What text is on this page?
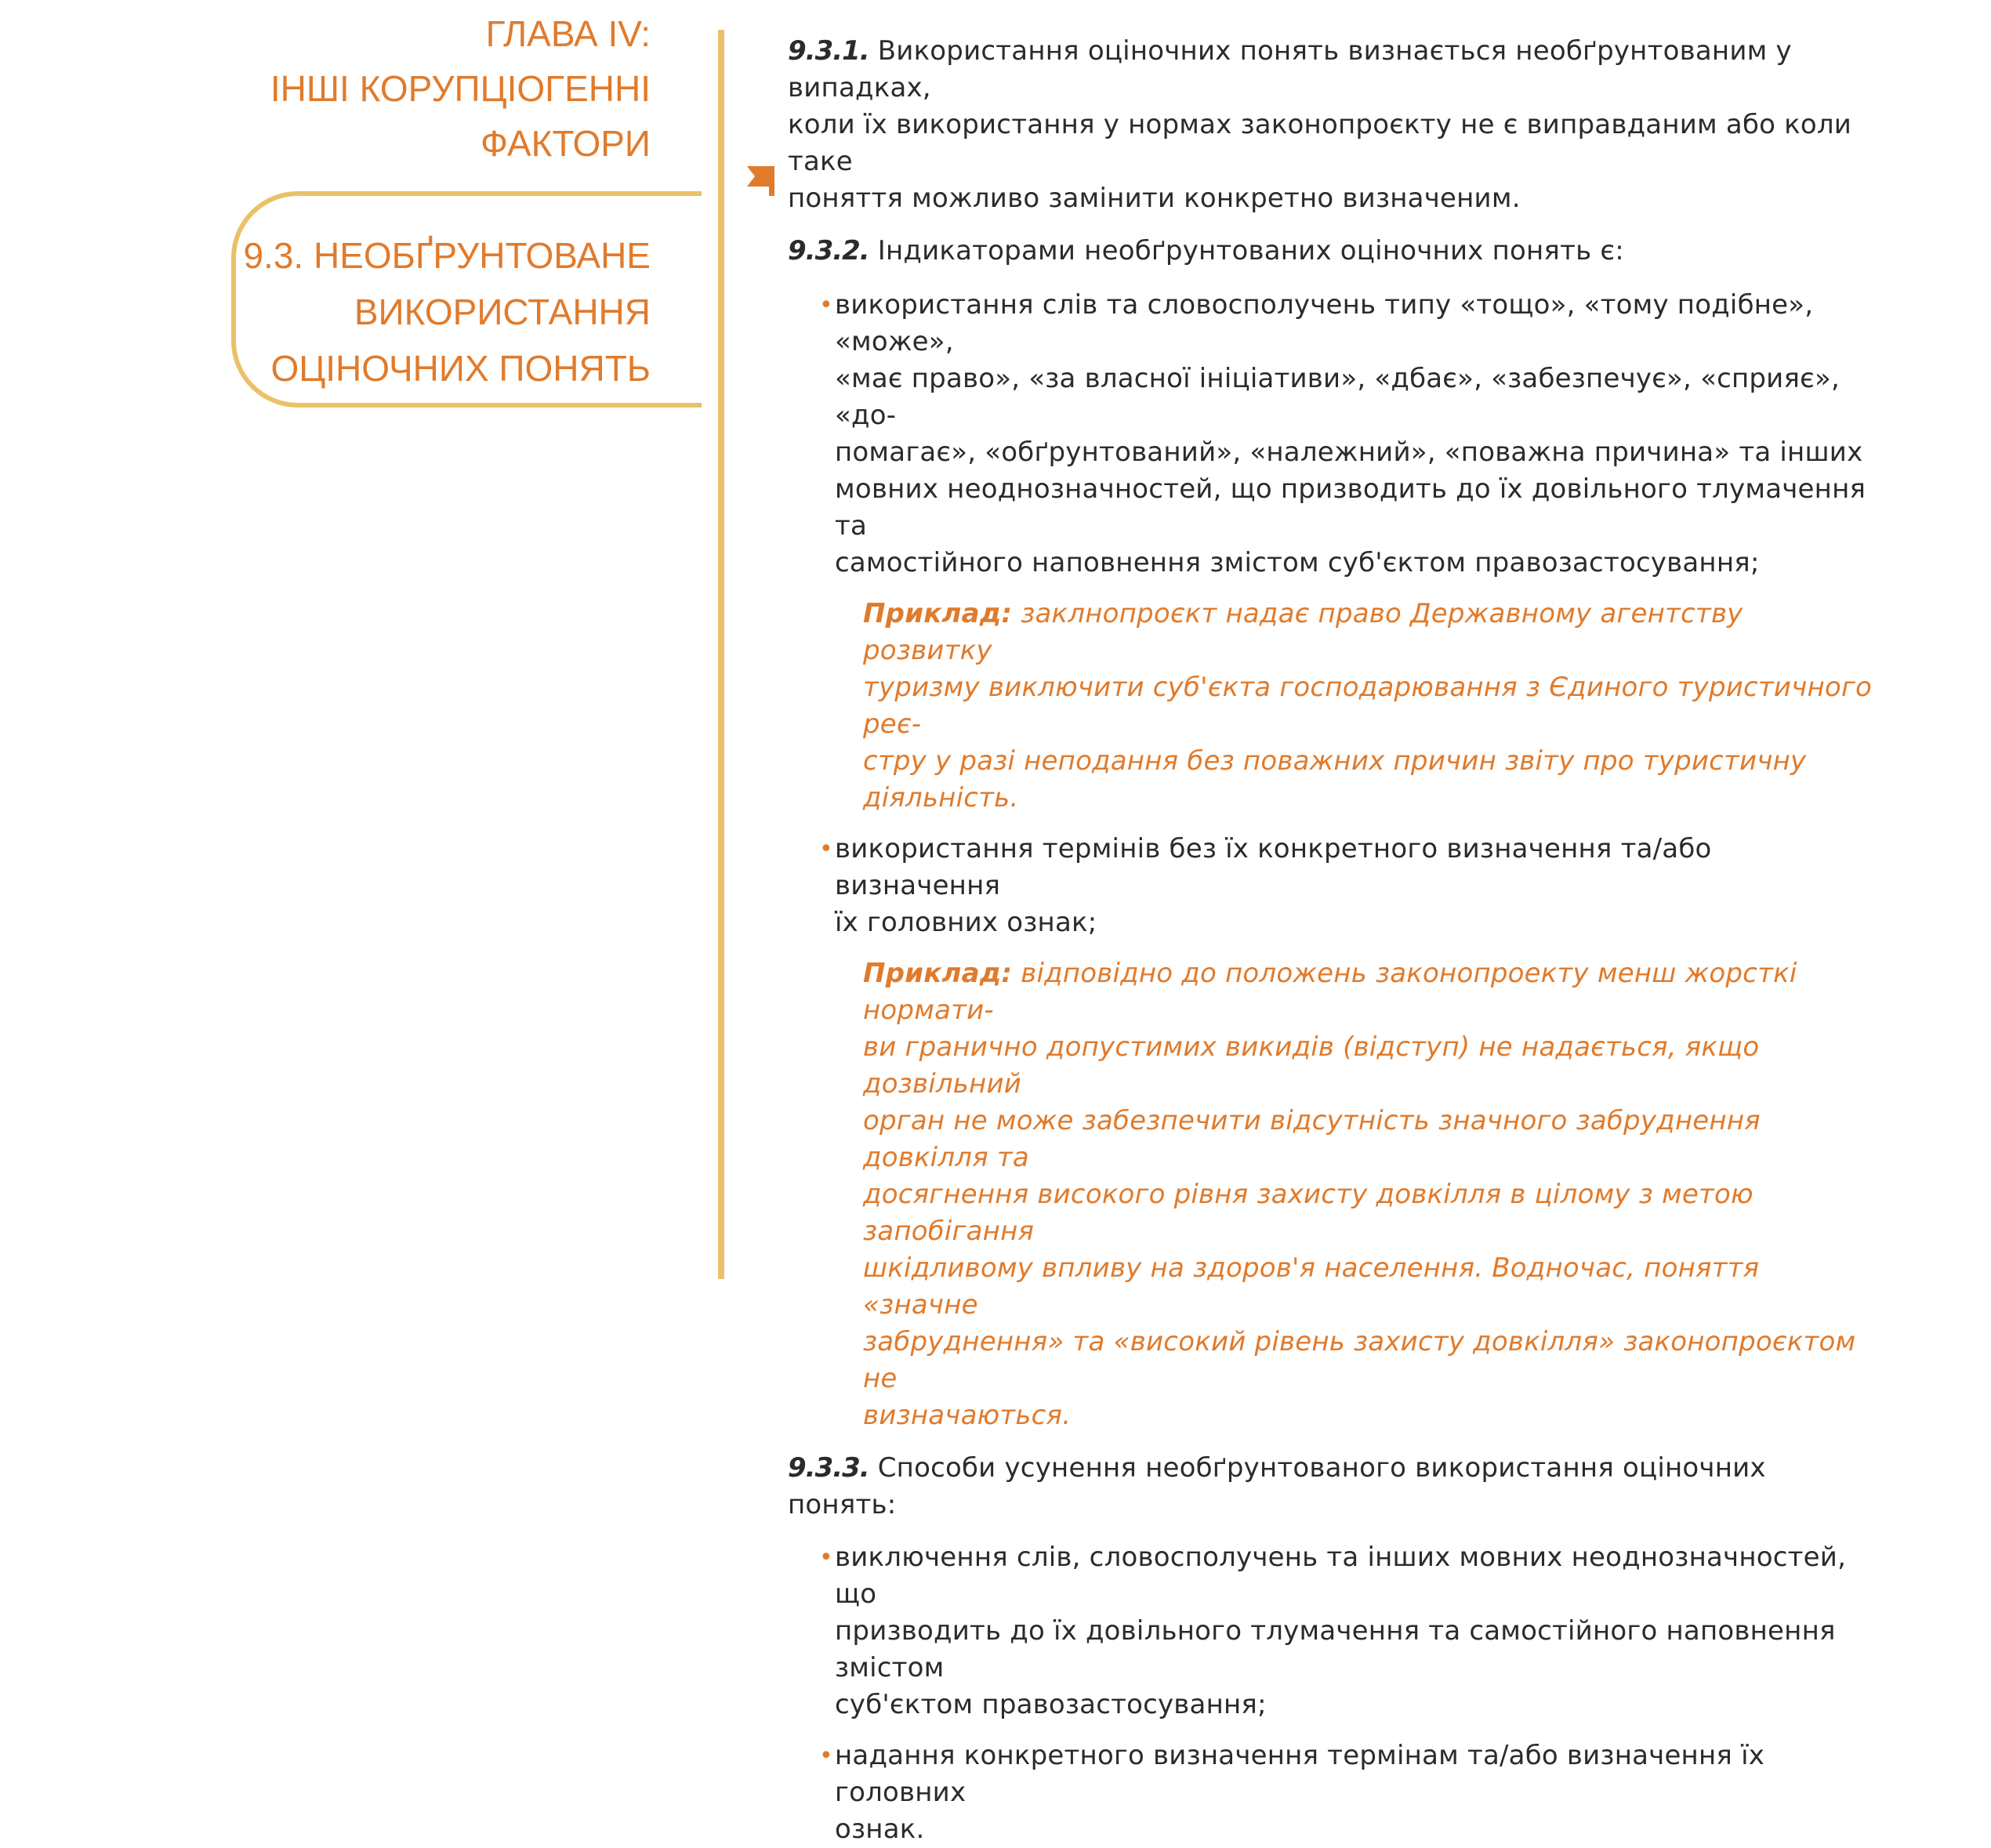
ГЛАВА IV:
ІНШІ КОРУПЦІОГЕННІ
ФАКТОРИ
9.3. НЕОБҐРУНТОВАНЕ
ВИКОРИСТАННЯ
ОЦІНОЧНИХ ПОНЯТЬ
9.3.1. Використання оціночних понять визнається необґрунтованим у випадках,
коли їх використання у нормах законопроєкту не є виправданим або коли таке
поняття можливо замінити конкретно визначеним.
9.3.2. Індикаторами необґрунтованих оціночних понять є:
• використання слів та словосполучень типу «тощо», «тому подібне», «може»,
«має право», «за власної ініціативи», «дбає», «забезпечує», «сприяє», «до-
помагає», «обґрунтований», «належний», «поважна причина» та інших
мовних неоднозначностей, що призводить до їх довільного тлумачення та
самостійного наповнення змістом суб'єктом правозастосування;
Приклад: заклнопроєкт надає право Державному агентству розвитку
туризму виключити суб'єкта господарювання з Єдиного туристичного реє-
стру у разі неподання без поважних причин звіту про туристичну діяльність.
• використання термінів без їх конкретного визначення та/або визначення
їх головних ознак;
Приклад: відповідно до положень законопроекту менш жорсткі нормати-
ви гранично допустимих викидів (відступ) не надається, якщо дозвільний
орган не може забезпечити відсутність значного забруднення довкілля та
досягнення високого рівня захисту довкілля в цілому з метою запобігання
шкідливому впливу на здоров'я населення. Водночас, поняття «значне
забруднення» та «високий рівень захисту довкілля» законопроєктом не
визначаються.
9.3.3. Способи усунення необґрунтованого використання оціночних понять:
• виключення слів, словосполучень та інших мовних неоднозначностей, що
призводить до їх довільного тлумачення та самостійного наповнення змістом
суб'єктом правозастосування;
• надання конкретного визначення термінам та/або визначення їх головних
ознак.
